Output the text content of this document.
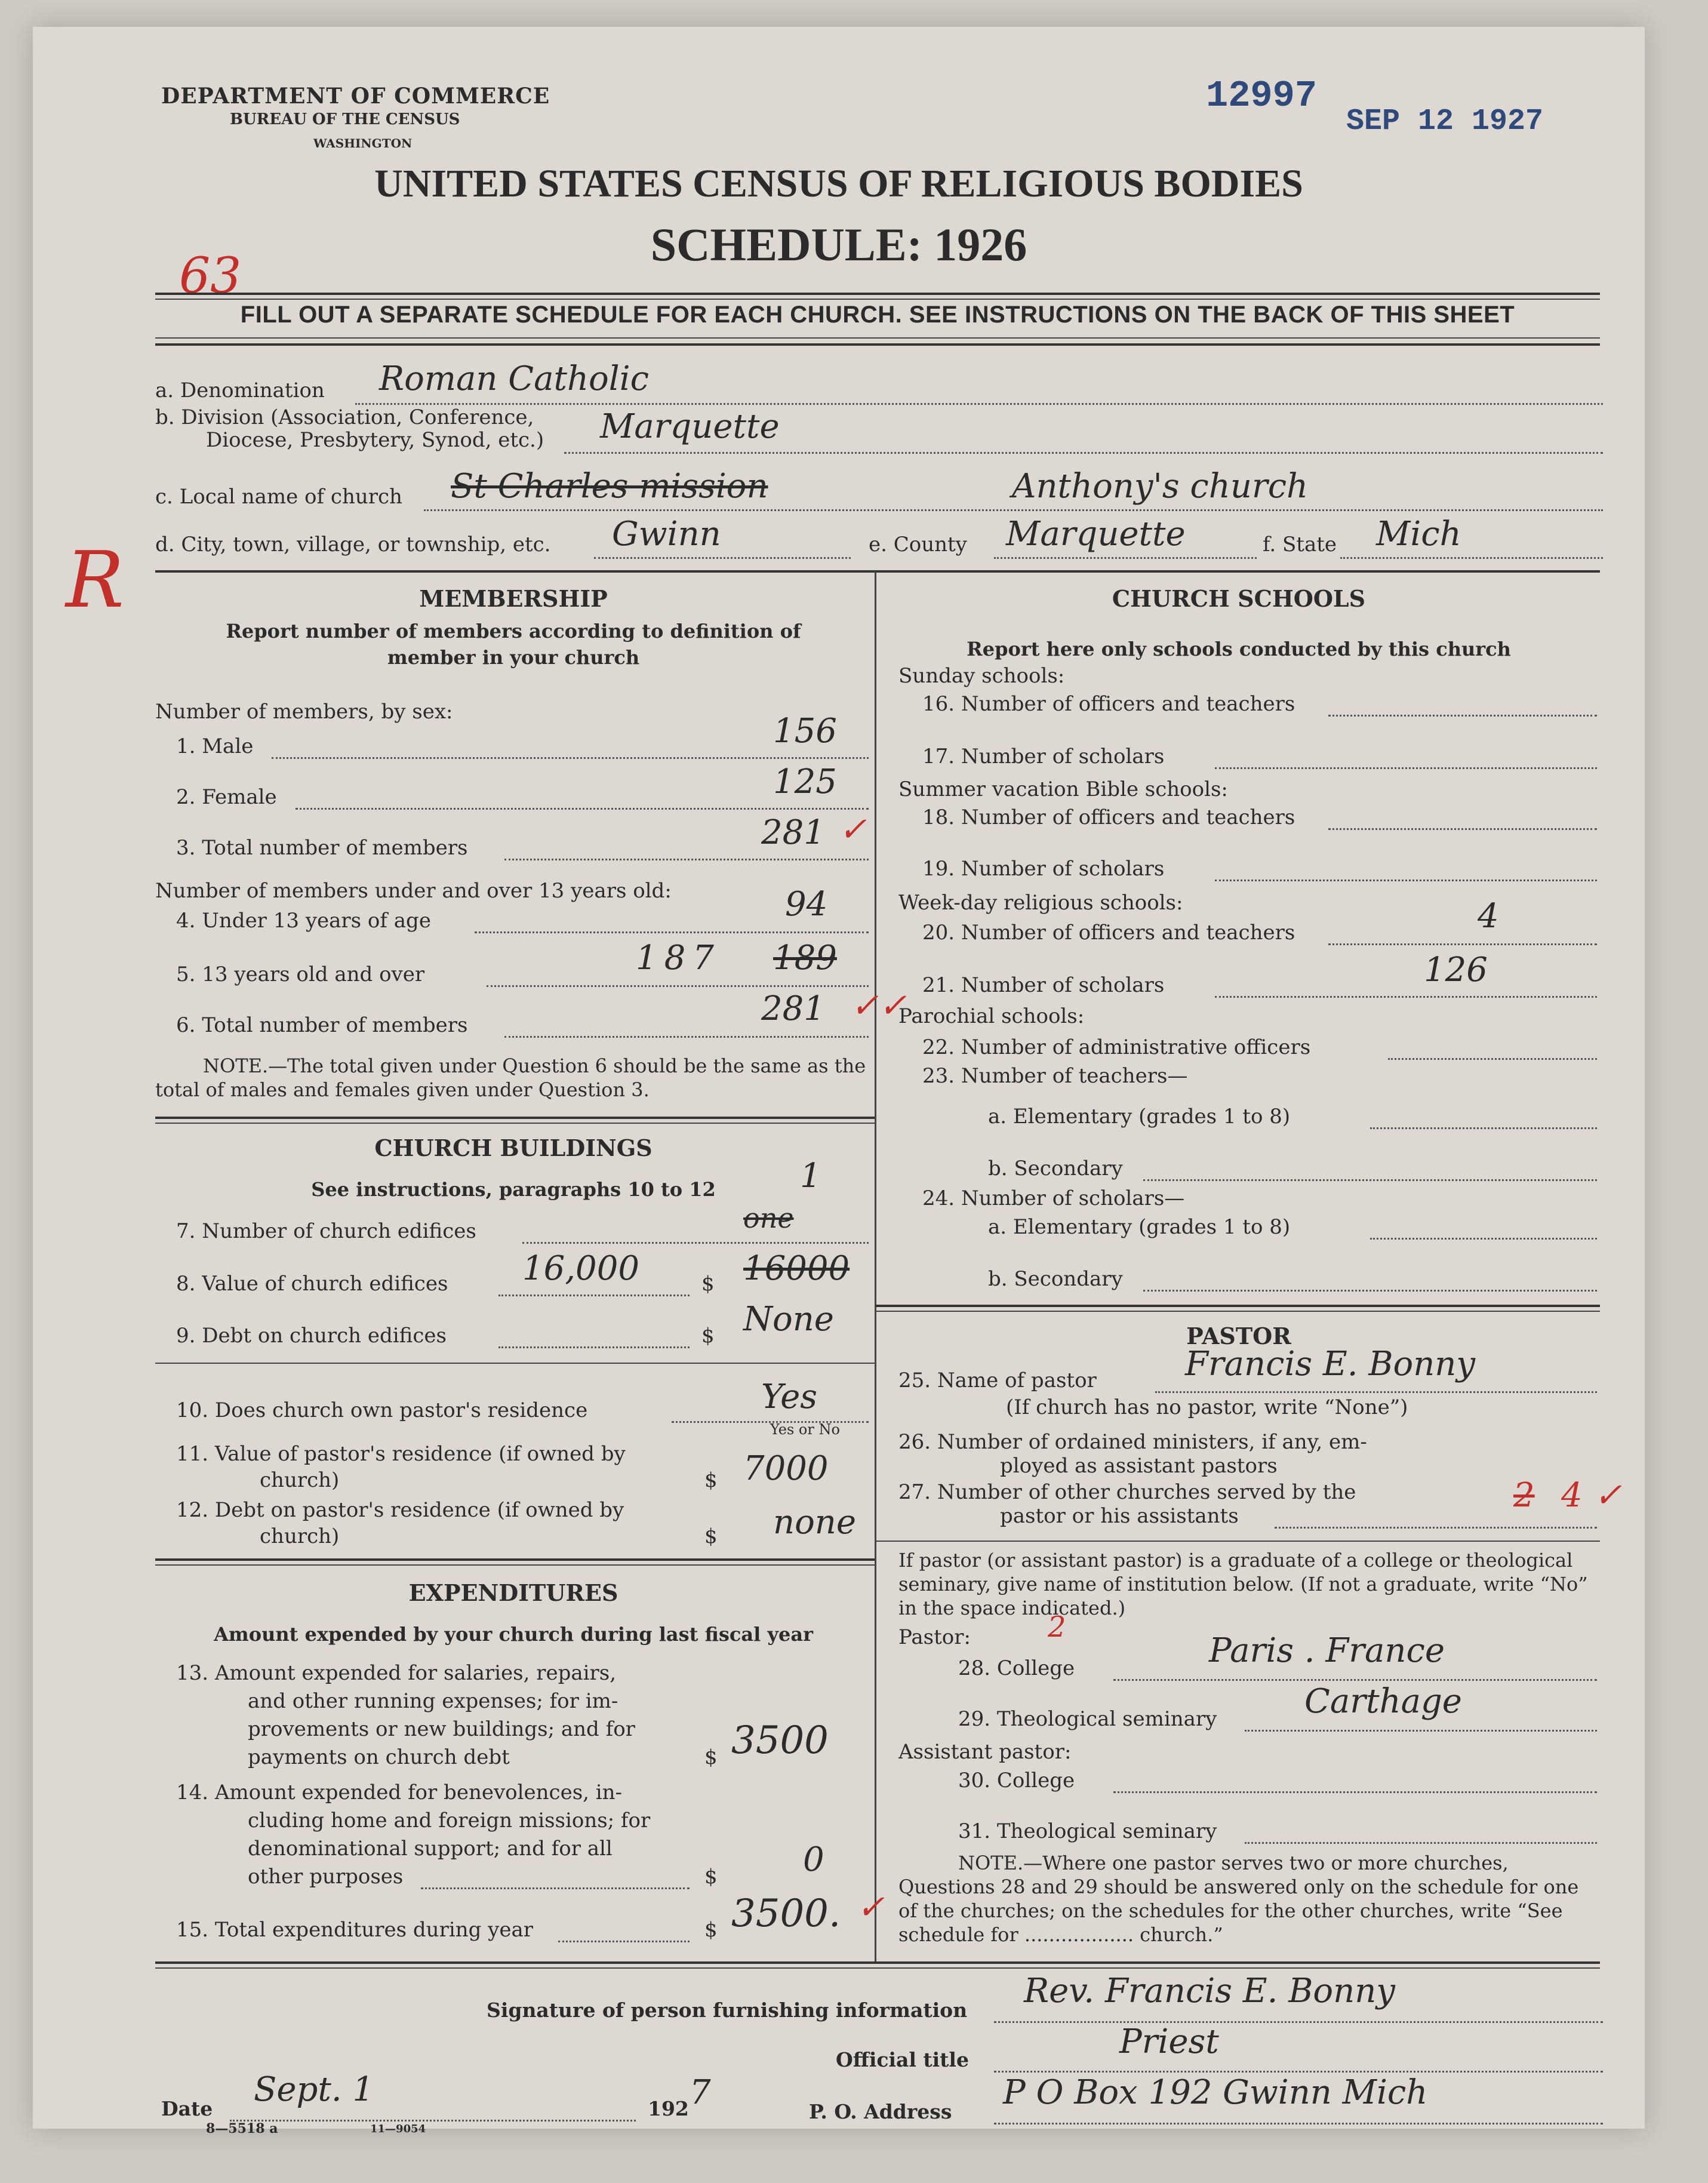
DEPARTMENT OF COMMERCE
BUREAU OF THE CENSUS
WASHINGTON
12997
SEP 12 1927
UNITED STATES CENSUS OF RELIGIOUS BODIES
SCHEDULE: 1926
63
R
FILL OUT A SEPARATE SCHEDULE FOR EACH CHURCH. SEE INSTRUCTIONS ON THE BACK OF THIS SHEET
a. Denomination Roman Catholic
b. Division (Association, Conference,
Diocese, Presbytery, Synod, etc.) Marquette
c. Local name of church St Charles mission	Anthony's church
d. City, town, village, or township, etc. Gwinn	e. County Marquette	f. State Mich
MEMBERSHIP
Report number of members according to definition of member in your church
Number of members, by sex:
1. Male	156
2. Female	125
3. Total number of members	281 ✓
Number of members under and over 13 years old:
4. Under 13 years of age	94
5. 13 years old and over	187 189
6. Total number of members	281 ✓✓
NOTE.—The total given under Question 6 should be the same as the total of males and females given under Question 3.
CHURCH BUILDINGS
See instructions, paragraphs 10 to 12	1
7. Number of church edifices	one
8. Value of church edifices	$
16,000	16000
9. Debt on church edifices	$ None
10. Does church own pastor's residence	Yes
Yes or No
11. Value of pastor's residence (if owned by
church)	$ 7000
12. Debt on pastor's residence (if owned by
church)	$ none
EXPENDITURES
Amount expended by your church during last fiscal year
13. Amount expended for salaries, repairs,
and other running expenses; for im-
provements or new buildings; and for
payments on church debt	$ 3500
14. Amount expended for benevolences, in-
cluding home and foreign missions; for
denominational support; and for all
other purposes	$	0
15. Total expenditures during year	$ 3500. ✓
CHURCH SCHOOLS
Report here only schools conducted by this church
Sunday schools:
16. Number of officers and teachers
17. Number of scholars
Summer vacation Bible schools:
18. Number of officers and teachers
19. Number of scholars
Week-day religious schools:
20. Number of officers and teachers	4
21. Number of scholars	126
Parochial schools:
22. Number of administrative officers
23. Number of teachers—
a. Elementary (grades 1 to 8)
b. Secondary
24. Number of scholars—
a. Elementary (grades 1 to 8)
b. Secondary
PASTOR
25. Name of pastor	Francis E. Bonny
(If church has no pastor, write “None”)
26. Number of ordained ministers, if any, em-
ployed as assistant pastors
27. Number of other churches served by the
pastor or his assistants
2 4 ✓
If pastor (or assistant pastor) is a graduate of a college or theological seminary, give name of institution below. (If not a graduate, write “No” in the space indicated.)
Pastor:	2
28. College	Paris . France
29. Theological seminary	Carthage
Assistant pastor:
30. College
31. Theological seminary
NOTE.—Where one pastor serves two or more churches, Questions 28 and 29 should be answered only on the schedule for one of the churches; on the schedules for the other churches, write “See schedule for .................. church.”
Signature of person furnishing information Rev. Francis E. Bonny
Official title	Priest
Date Sept. 1	192 7	P. O. Address P O Box 192 Gwinn Mich
8—5518 a	11—9054
